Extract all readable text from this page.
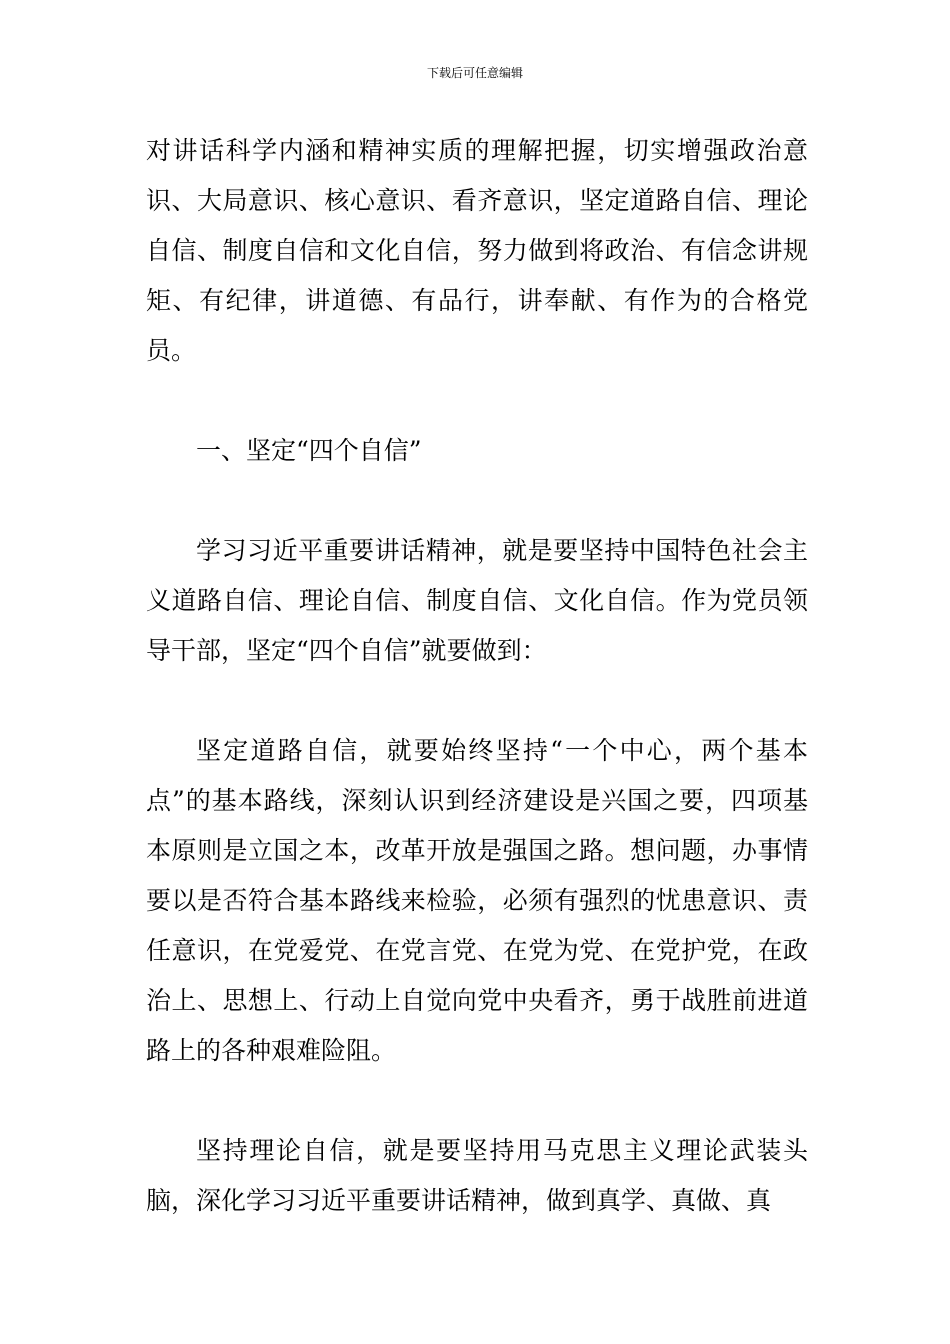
下载后可任意编辑

对讲话科学内涵和精神实质的理解把握，切实增强政治意识、大局意识、核心意识、看齐意识，坚定道路自信、理论自信、制度自信和文化自信，努力做到将政治、有信念讲规矩、有纪律，讲道德、有品行，讲奉献、有作为的合格党员。

一、坚定“四个自信”

学习习近平重要讲话精神，就是要坚持中国特色社会主义道路自信、理论自信、制度自信、文化自信。作为党员领导干部，坚定“四个自信”就要做到：

坚定道路自信，就要始终坚持“一个中心，两个基本点”的基本路线，深刻认识到经济建设是兴国之要，四项基本原则是立国之本，改革开放是强国之路。想问题，办事情要以是否符合基本路线来检验，必须有强烈的忧患意识、责任意识，在党爱党、在党言党、在党为党、在党护党，在政治上、思想上、行动上自觉向党中央看齐，勇于战胜前进道路上的各种艰难险阻。

坚持理论自信，就是要坚持用马克思主义理论武装头脑，深化学习习近平重要讲话精神，做到真学、真做、真
